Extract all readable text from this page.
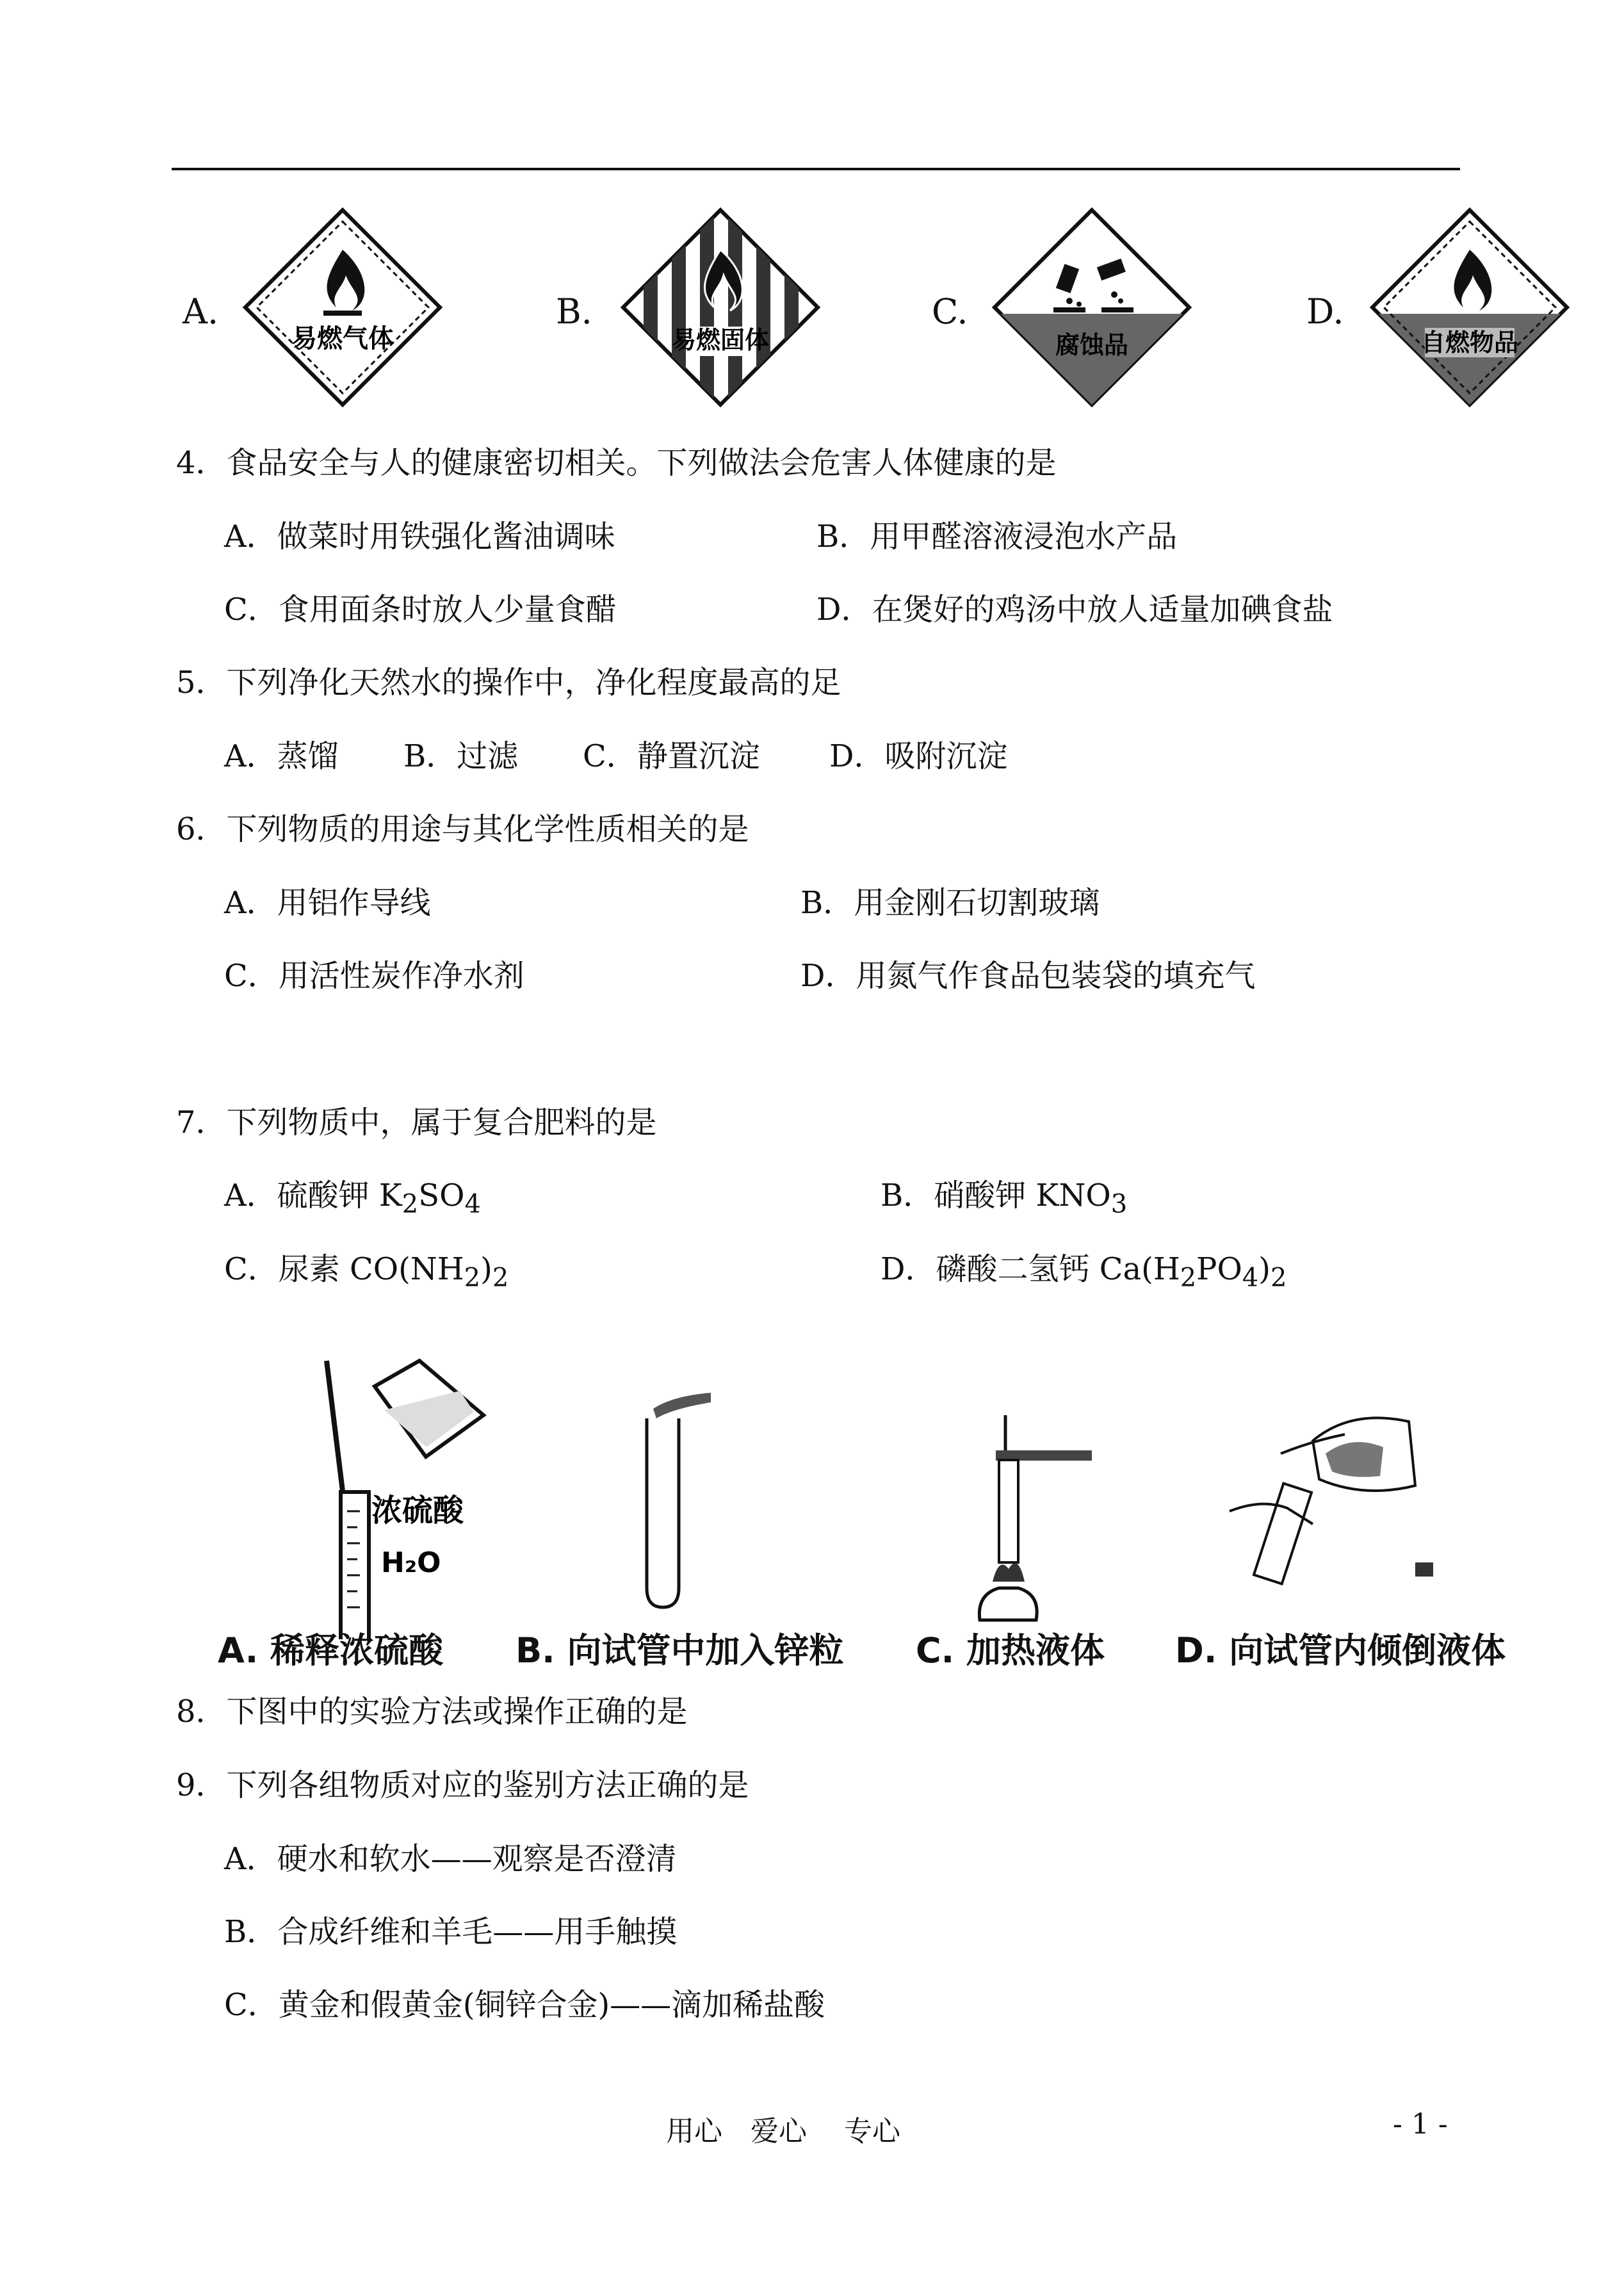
A.
易燃气体
B.
易燃固体
C.
腐蚀品
D.
自燃物品
4．食品安全与人的健康密切相关。下列做法会危害人体健康的是
A．做菜时用铁强化酱油调味	B．用甲醛溶液浸泡水产品
C．食用面条时放人少量食醋	D．在煲好的鸡汤中放人适量加碘食盐
5．下列净化天然水的操作中，净化程度最高的足
A．蒸馏 B．过滤 C．静置沉淀 D．吸附沉淀
6．下列物质的用途与其化学性质相关的是
A．用铝作导线	B．用金刚石切割玻璃
C．用活性炭作净水剂	D．用氮气作食品包装袋的填充气
7．下列物质中，属于复合肥料的是
A．硫酸钾 $K_2SO_4$	B．硝酸钾 $KNO_3$
C．尿素 $CO(NH_2)_2$	D．磷酸二氢钙 $Ca(H_2PO_4)_2$
浓硫酸
H₂O
A. 稀释浓硫酸 B. 向试管中加入锌粒 C. 加热液体 D. 向试管内倾倒液体
8．下图中的实验方法或操作正确的是
9．下列各组物质对应的鉴别方法正确的是
A．硬水和软水——观察是否澄清
B．合成纤维和羊毛——用手触摸
C．黄金和假黄金(铜锌合金)——滴加稀盐酸
用心　爱心　 专心	- 1 -
